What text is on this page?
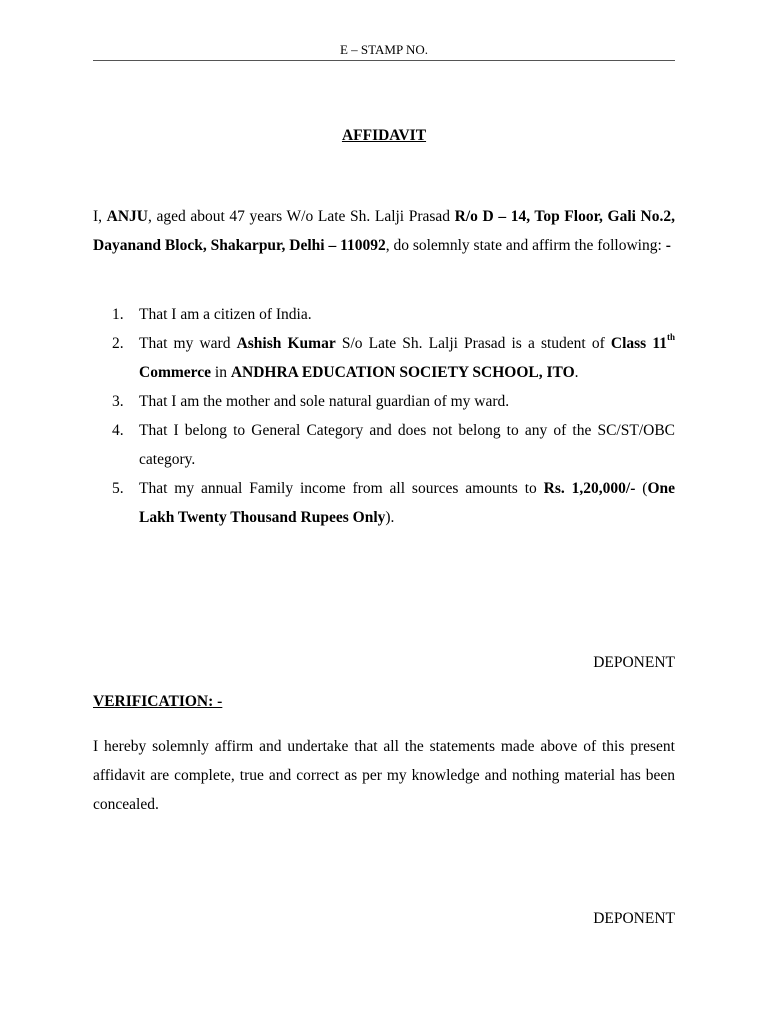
E – STAMP NO.
AFFIDAVIT

I, ANJU, aged about 47 years W/o Late Sh. Lalji Prasad R/o D – 14, Top Floor, Gali No.2, Dayanand Block, Shakarpur, Delhi – 110092, do solemnly state and affirm the following: -

1. That I am a citizen of India.
2. That my ward Ashish Kumar S/o Late Sh. Lalji Prasad is a student of Class 11th Commerce in ANDHRA EDUCATION SOCIETY SCHOOL, ITO.
3. That I am the mother and sole natural guardian of my ward.
4. That I belong to General Category and does not belong to any of the SC/ST/OBC category.
5. That my annual Family income from all sources amounts to Rs. 1,20,000/- (One Lakh Twenty Thousand Rupees Only).
DEPONENT
VERIFICATION: -

I hereby solemnly affirm and undertake that all the statements made above of this present affidavit are complete, true and correct as per my knowledge and nothing material has been concealed.

DEPONENT
